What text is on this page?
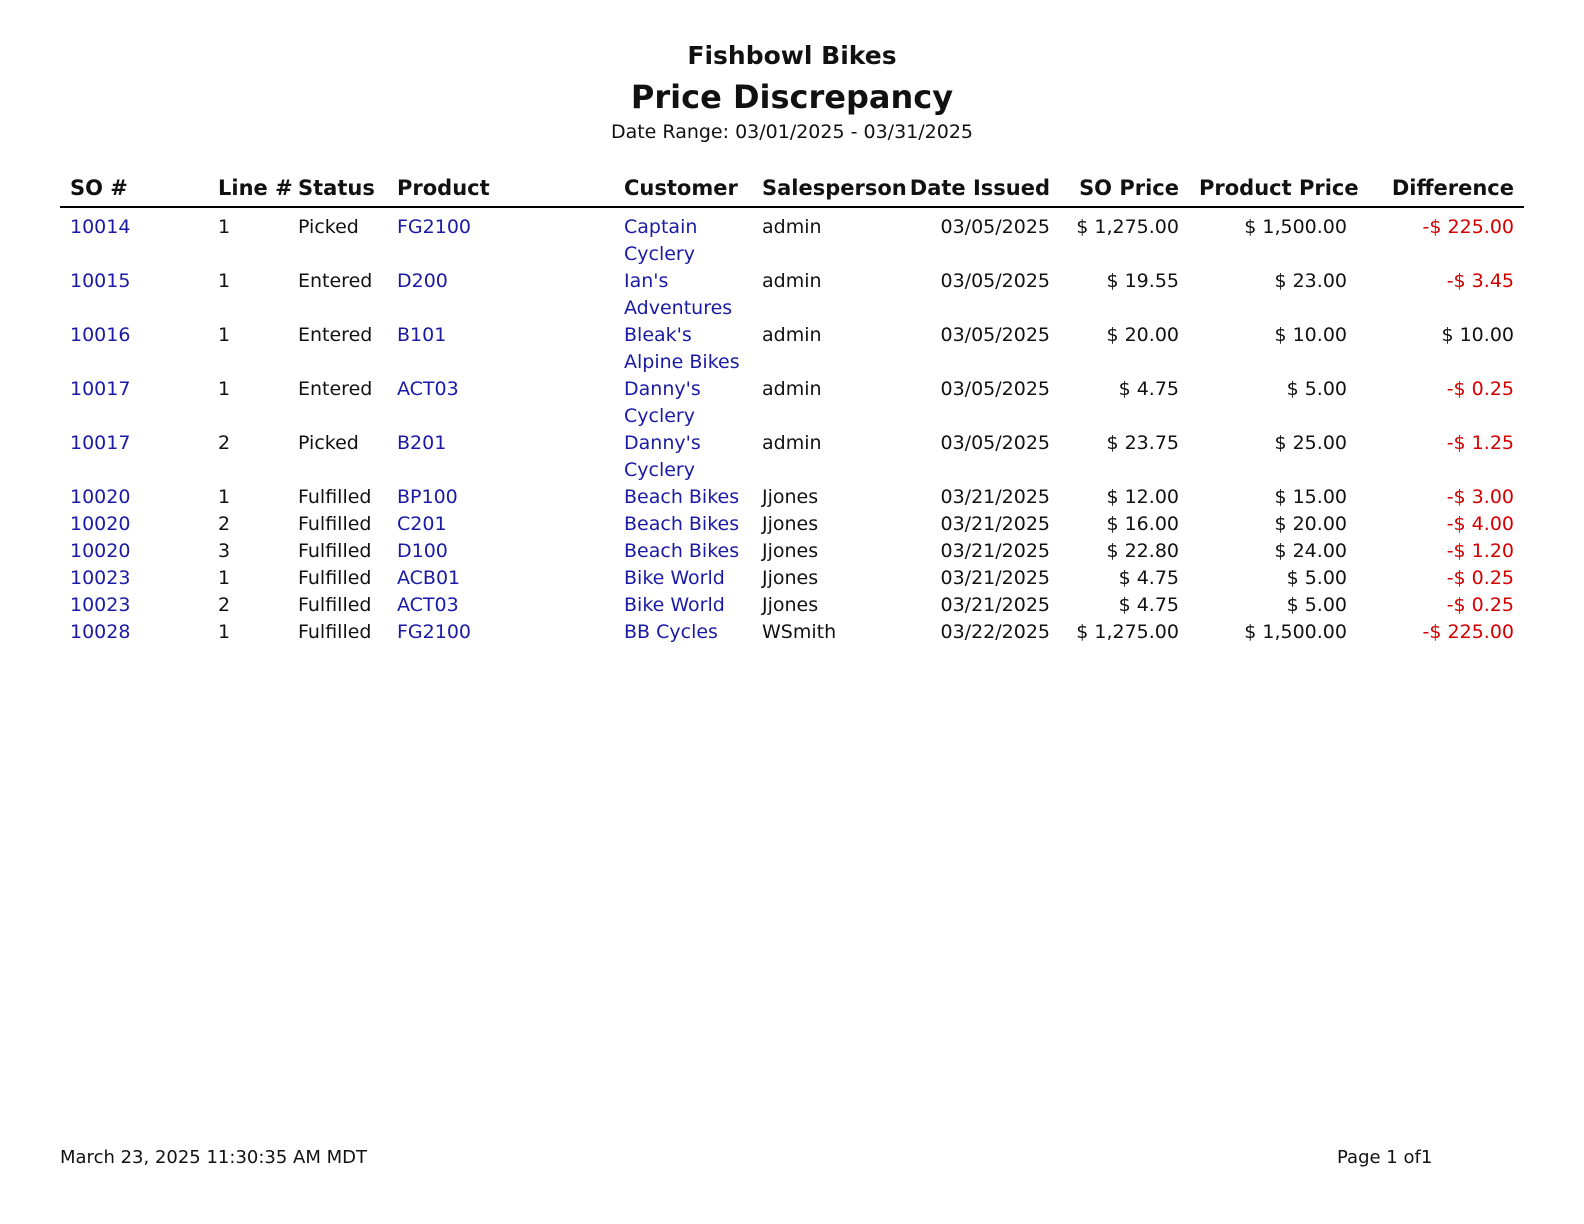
Fishbowl Bikes
Price Discrepancy
Date Range: 03/01/2025 - 03/31/2025
SO #	Line #	Status	Product	Customer	Salesperson	Date Issued	SO Price	Product Price	Difference
10014	1	Picked	FG2100	Captain Cyclery	admin	03/05/2025	$ 1,275.00	$ 1,500.00	-$ 225.00
10015	1	Entered	D200	Ian's Adventures	admin	03/05/2025	$ 19.55	$ 23.00	-$ 3.45
10016	1	Entered	B101	Bleak's Alpine Bikes	admin	03/05/2025	$ 20.00	$ 10.00	$ 10.00
10017	1	Entered	ACT03	Danny's Cyclery	admin	03/05/2025	$ 4.75	$ 5.00	-$ 0.25
10017	2	Picked	B201	Danny's Cyclery	admin	03/05/2025	$ 23.75	$ 25.00	-$ 1.25
10020	1	Fulfilled	BP100	Beach Bikes	Jjones	03/21/2025	$ 12.00	$ 15.00	-$ 3.00
10020	2	Fulfilled	C201	Beach Bikes	Jjones	03/21/2025	$ 16.00	$ 20.00	-$ 4.00
10020	3	Fulfilled	D100	Beach Bikes	Jjones	03/21/2025	$ 22.80	$ 24.00	-$ 1.20
10023	1	Fulfilled	ACB01	Bike World	Jjones	03/21/2025	$ 4.75	$ 5.00	-$ 0.25
10023	2	Fulfilled	ACT03	Bike World	Jjones	03/21/2025	$ 4.75	$ 5.00	-$ 0.25
10028	1	Fulfilled	FG2100	BB Cycles	WSmith	03/22/2025	$ 1,275.00	$ 1,500.00	-$ 225.00
March 23, 2025 11:30:35 AM MDT	Page 1 of1
